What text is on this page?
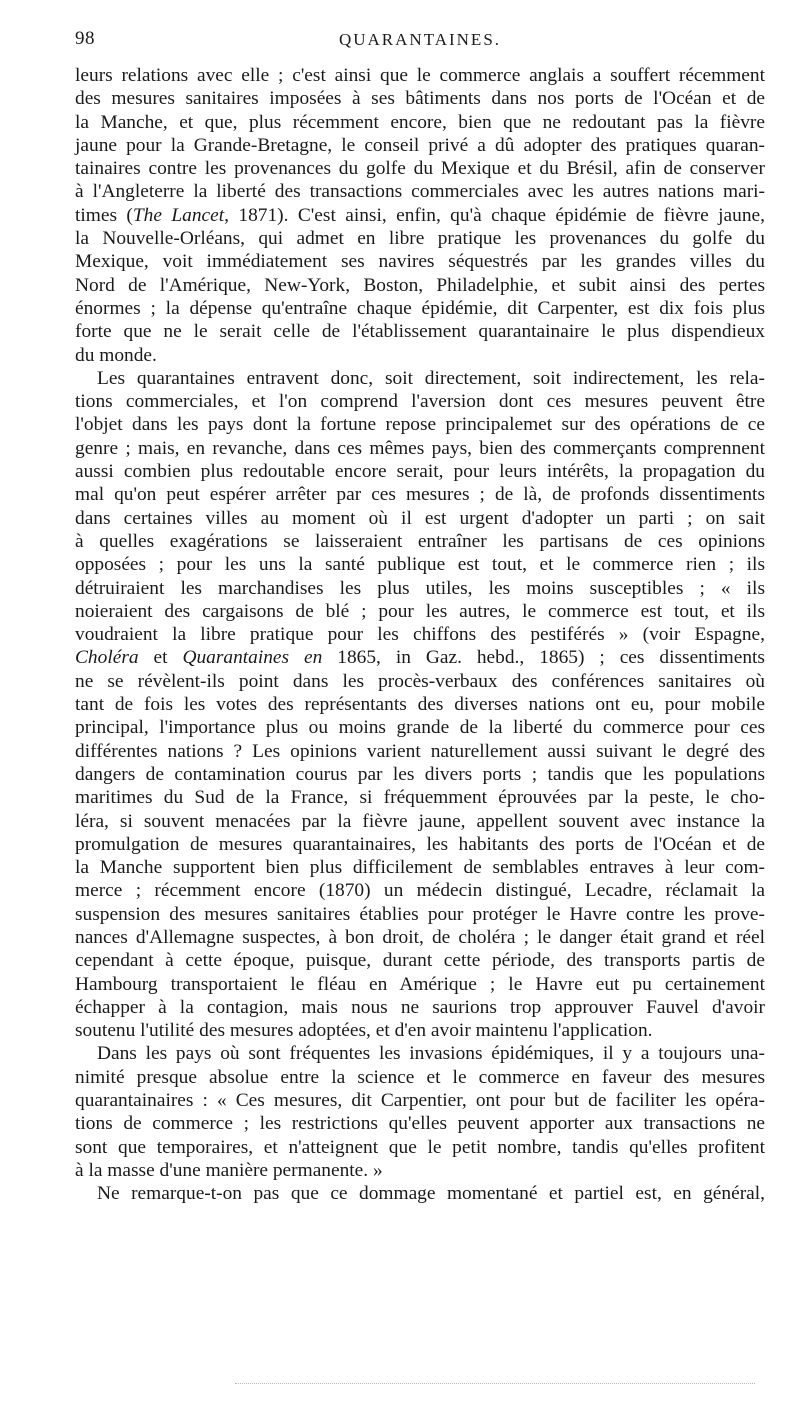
98	QUARANTAINES.
leurs relations avec elle ; c'est ainsi que le commerce anglais a souffert récemment
des mesures sanitaires imposées à ses bâtiments dans nos ports de l'Océan et de
la Manche, et que, plus récemment encore, bien que ne redoutant pas la fièvre
jaune pour la Grande-Bretagne, le conseil privé a dû adopter des pratiques quaran-
tainaires contre les provenances du golfe du Mexique et du Brésil, afin de conserver
à l'Angleterre la liberté des transactions commerciales avec les autres nations mari-
times (The Lancet, 1871). C'est ainsi, enfin, qu'à chaque épidémie de fièvre jaune,
la Nouvelle-Orléans, qui admet en libre pratique les provenances du golfe du
Mexique, voit immédiatement ses navires séquestrés par les grandes villes du
Nord de l'Amérique, New-York, Boston, Philadelphie, et subit ainsi des pertes
énormes ; la dépense qu'entraîne chaque épidémie, dit Carpenter, est dix fois plus
forte que ne le serait celle de l'établissement quarantainaire le plus dispendieux
du monde.
Les quarantaines entravent donc, soit directement, soit indirectement, les rela-
tions commerciales, et l'on comprend l'aversion dont ces mesures peuvent être
l'objet dans les pays dont la fortune repose principalemet sur des opérations de ce
genre ; mais, en revanche, dans ces mêmes pays, bien des commerçants comprennent
aussi combien plus redoutable encore serait, pour leurs intérêts, la propagation du
mal qu'on peut espérer arrêter par ces mesures ; de là, de profonds dissentiments
dans certaines villes au moment où il est urgent d'adopter un parti ; on sait
à quelles exagérations se laisseraient entraîner les partisans de ces opinions
opposées ; pour les uns la santé publique est tout, et le commerce rien ; ils
détruiraient les marchandises les plus utiles, les moins susceptibles ; « ils
noieraient des cargaisons de blé ; pour les autres, le commerce est tout, et ils
voudraient la libre pratique pour les chiffons des pestiférés » (voir Espagne,
Choléra et Quarantaines en 1865, in Gaz. hebd., 1865) ; ces dissentiments
ne se révèlent-ils point dans les procès-verbaux des conférences sanitaires où
tant de fois les votes des représentants des diverses nations ont eu, pour mobile
principal, l'importance plus ou moins grande de la liberté du commerce pour ces
différentes nations ? Les opinions varient naturellement aussi suivant le degré des
dangers de contamination courus par les divers ports ; tandis que les populations
maritimes du Sud de la France, si fréquemment éprouvées par la peste, le cho-
léra, si souvent menacées par la fièvre jaune, appellent souvent avec instance la
promulgation de mesures quarantainaires, les habitants des ports de l'Océan et de
la Manche supportent bien plus difficilement de semblables entraves à leur com-
merce ; récemment encore (1870) un médecin distingué, Lecadre, réclamait la
suspension des mesures sanitaires établies pour protéger le Havre contre les prove-
nances d'Allemagne suspectes, à bon droit, de choléra ; le danger était grand et réel
cependant à cette époque, puisque, durant cette période, des transports partis de
Hambourg transportaient le fléau en Amérique ; le Havre eut pu certainement
échapper à la contagion, mais nous ne saurions trop approuver Fauvel d'avoir
soutenu l'utilité des mesures adoptées, et d'en avoir maintenu l'application.
Dans les pays où sont fréquentes les invasions épidémiques, il y a toujours una-
nimité presque absolue entre la science et le commerce en faveur des mesures
quarantainaires : « Ces mesures, dit Carpentier, ont pour but de faciliter les opéra-
tions de commerce ; les restrictions qu'elles peuvent apporter aux transactions ne
sont que temporaires, et n'atteignent que le petit nombre, tandis qu'elles profitent
à la masse d'une manière permanente. »
Ne remarque-t-on pas que ce dommage momentané et partiel est, en général,
